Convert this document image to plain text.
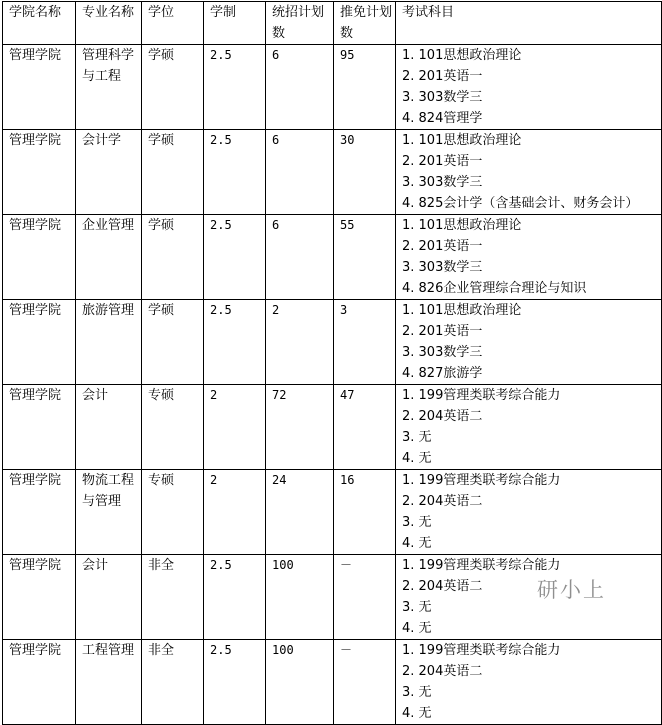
学院名称	专业名称	学位	学制	统招计划数	推免计划数	考试科目
管理学院	管理科学与工程	学硕	2.5	6	95	1. 101思想政治理论
2. 201英语一
3. 303数学三
4. 824管理学

管理学院	会计学	学硕	2.5	6	30	1. 101思想政治理论
2. 201英语一
3. 303数学三
4. 825会计学（含基础会计、财务会计）

管理学院	企业管理	学硕	2.5	6	55	1. 101思想政治理论
2. 201英语一
3. 303数学三
4. 826企业管理综合理论与知识

管理学院	旅游管理	学硕	2.5	2	3	1. 101思想政治理论
2. 201英语一
3. 303数学三
4. 827旅游学

管理学院	会计	专硕	2	72	47	1. 199管理类联考综合能力
2. 204英语二
3. 无
4. 无

管理学院	物流工程与管理	专硕	2	24	16	1. 199管理类联考综合能力
2. 204英语二
3. 无
4. 无

管理学院	会计	非全	2.5	100	－	1. 199管理类联考综合能力
2. 204英语二
3. 无
4. 无

管理学院	工程管理	非全	2.5	100	－	1. 199管理类联考综合能力
2. 204英语二
3. 无
4. 无
研小上
